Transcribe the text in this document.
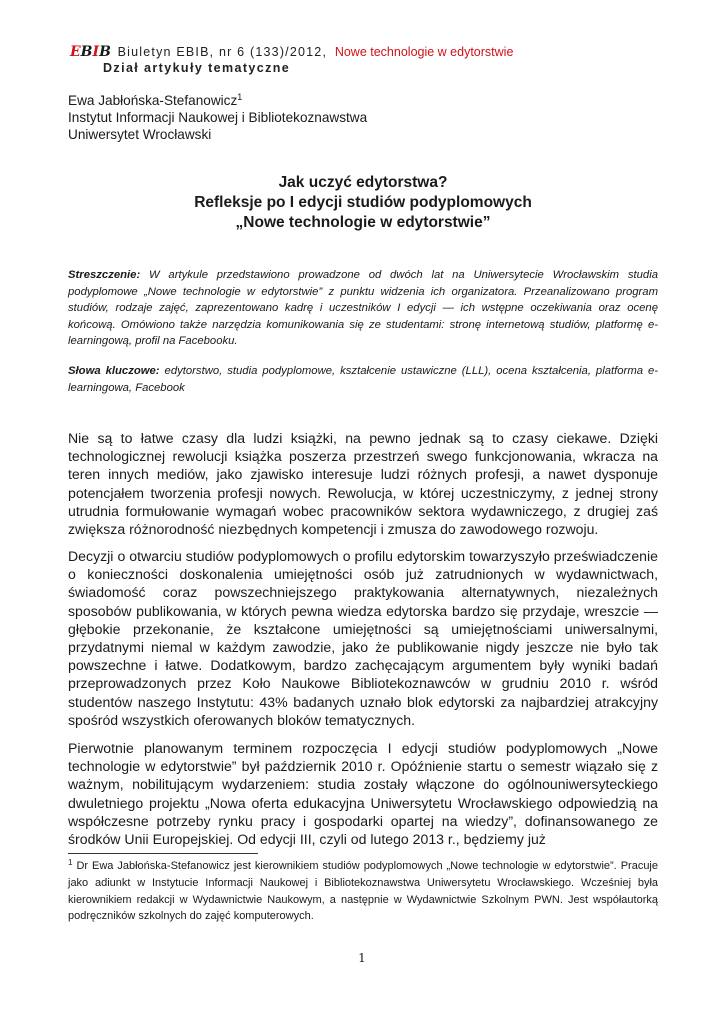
EBIB Biuletyn EBIB, nr 6 (133)/2012, Nowe technologie w edytorstwie
Dział artykuły tematyczne
Ewa Jabłońska-Stefanowicz$^1$
Instytut Informacji Naukowej i Bibliotekoznawstwa
Uniwersytet Wrocławski
Jak uczyć edytorstwa?
Refleksje po I edycji studiów podyplomowych
„Nowe technologie w edytorstwie”
Streszczenie: W artykule przedstawiono prowadzone od dwóch lat na Uniwersytecie Wrocławskim studia podyplomowe „Nowe technologie w edytorstwie” z punktu widzenia ich organizatora. Przeanalizowano program studiów, rodzaje zajęć, zaprezentowano kadrę i uczestników I edycji — ich wstępne oczekiwania oraz ocenę końcową. Omówiono także narzędzia komunikowania się ze studentami: stronę internetową studiów, platformę e-learningową, profil na Facebooku.
Słowa kluczowe: edytorstwo, studia podyplomowe, kształcenie ustawiczne (LLL), ocena kształcenia, platforma e-learningowa, Facebook
Nie są to łatwe czasy dla ludzi książki, na pewno jednak są to czasy ciekawe. Dzięki technologicznej rewolucji książka poszerza przestrzeń swego funkcjonowania, wkracza na teren innych mediów, jako zjawisko interesuje ludzi różnych profesji, a nawet dysponuje potencjałem tworzenia profesji nowych. Rewolucja, w której uczestniczymy, z jednej strony utrudnia formułowanie wymagań wobec pracowników sektora wydawniczego, z drugiej zaś zwiększa różnorodność niezbędnych kompetencji i zmusza do zawodowego rozwoju.
Decyzji o otwarciu studiów podyplomowych o profilu edytorskim towarzyszyło przeświadczenie o konieczności doskonalenia umiejętności osób już zatrudnionych w wydawnictwach, świadomość coraz powszechniejszego praktykowania alternatywnych, niezależnych sposobów publikowania, w których pewna wiedza edytorska bardzo się przydaje, wreszcie — głębokie przekonanie, że kształcone umiejętności są umiejętnościami uniwersalnymi, przydatnymi niemal w każdym zawodzie, jako że publikowanie nigdy jeszcze nie było tak powszechne i łatwe. Dodatkowym, bardzo zachęcającym argumentem były wyniki badań przeprowadzonych przez Koło Naukowe Bibliotekoznawców w grudniu 2010 r. wśród studentów naszego Instytutu: 43% badanych uznało blok edytorski za najbardziej atrakcyjny spośród wszystkich oferowanych bloków tematycznych.
Pierwotnie planowanym terminem rozpoczęcia I edycji studiów podyplomowych „Nowe technologie w edytorstwie” był październik 2010 r. Opóźnienie startu o semestr wiązało się z ważnym, nobilitującym wydarzeniem: studia zostały włączone do ogólnouniwersyteckiego dwuletniego projektu „Nowa oferta edukacyjna Uniwersytetu Wrocławskiego odpowiedzią na współczesne potrzeby rynku pracy i gospodarki opartej na wiedzy”, dofinansowanego ze środków Unii Europejskiej. Od edycji III, czyli od lutego 2013 r., będziemy już
$^1$ Dr Ewa Jabłońska-Stefanowicz jest kierownikiem studiów podyplomowych „Nowe technologie w edytorstwie”. Pracuje jako adiunkt w Instytucie Informacji Naukowej i Bibliotekoznawstwa Uniwersytetu Wrocławskiego. Wcześniej była kierownikiem redakcji w Wydawnictwie Naukowym, a następnie w Wydawnictwie Szkolnym PWN. Jest współautorką podręczników szkolnych do zajęć komputerowych.
1
